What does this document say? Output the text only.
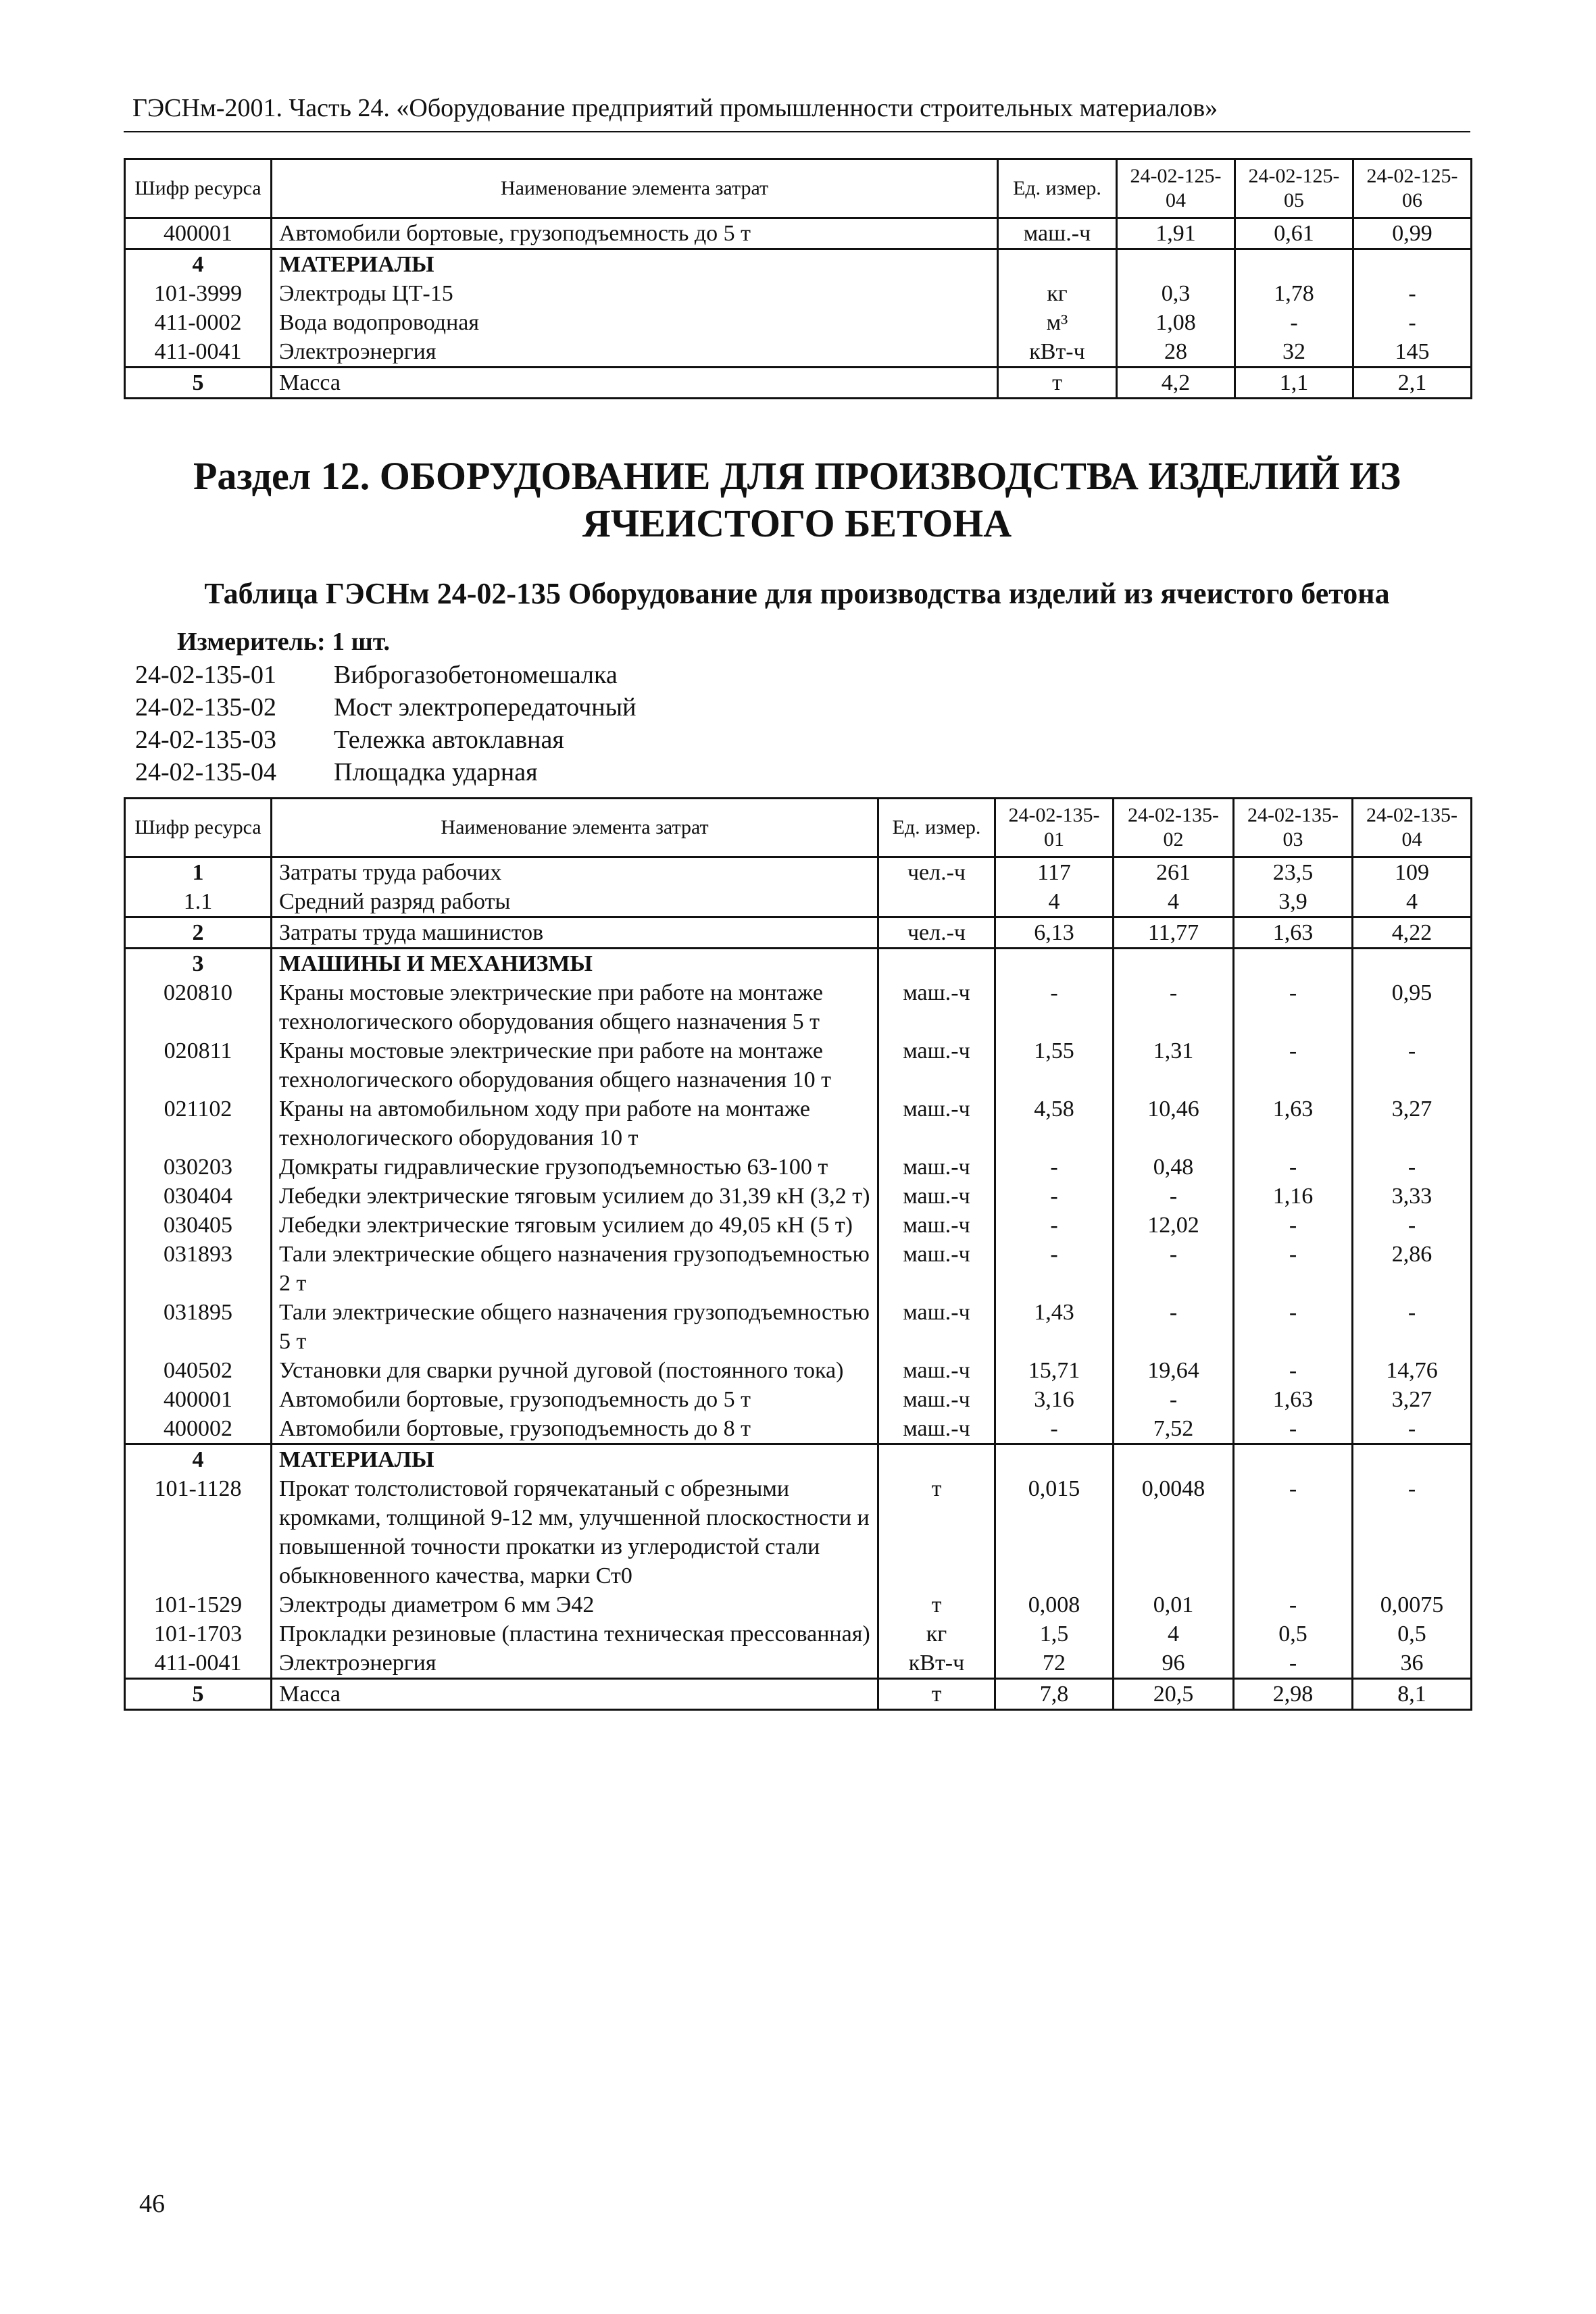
ГЭСНм-2001. Часть 24. «Оборудование предприятий промышленности строительных материалов»
Шифр ресурса	Наименование элемента затрат	Ед. измер.	24-02-125-04	24-02-125-05	24-02-125-06
400001	Автомобили бортовые, грузоподъемность до 5 т	маш.-ч	1,91	0,61	0,99
4	МАТЕРИАЛЫ				
101-3999	Электроды ЦТ-15	кг	0,3	1,78	-
411-0002	Вода водопроводная	м³	1,08	-	-
411-0041	Электроэнергия	кВт-ч	28	32	145
5	Масса	т	4,2	1,1	2,1
Раздел 12. ОБОРУДОВАНИЕ ДЛЯ ПРОИЗВОДСТВА ИЗДЕЛИЙ ИЗ ЯЧЕИСТОГО БЕТОНА
Таблица ГЭСНм 24-02-135 Оборудование для производства изделий из ячеистого бетона
Измеритель: 1 шт.
24-02-135-01	Виброгазобетономешалка
24-02-135-02	Мост электропередаточный
24-02-135-03	Тележка автоклавная
24-02-135-04	Площадка ударная
Шифр ресурса	Наименование элемента затрат	Ед. измер.	24-02-135-01	24-02-135-02	24-02-135-03	24-02-135-04
1	Затраты труда рабочих	чел.-ч	117	261	23,5	109
1.1	Средний разряд работы		4	4	3,9	4
2	Затраты труда машинистов	чел.-ч	6,13	11,77	1,63	4,22
3	МАШИНЫ И МЕХАНИЗМЫ					
020810	Краны мостовые электрические при работе на монтаже технологического оборудования общего назначения 5 т	маш.-ч	-	-	-	0,95
020811	Краны мостовые электрические при работе на монтаже технологического оборудования общего назначения 10 т	маш.-ч	1,55	1,31	-	-
021102	Краны на автомобильном ходу при работе на монтаже технологического оборудования 10 т	маш.-ч	4,58	10,46	1,63	3,27
030203	Домкраты гидравлические грузоподъемностью 63-100 т	маш.-ч	-	0,48	-	-
030404	Лебедки электрические тяговым усилием до 31,39 кН (3,2 т)	маш.-ч	-	-	1,16	3,33
030405	Лебедки электрические тяговым усилием до 49,05 кН (5 т)	маш.-ч	-	12,02	-	-
031893	Тали электрические общего назначения грузоподъемностью 2 т	маш.-ч	-	-	-	2,86
031895	Тали электрические общего назначения грузоподъемностью 5 т	маш.-ч	1,43	-	-	-
040502	Установки для сварки ручной дуговой (постоянного тока)	маш.-ч	15,71	19,64	-	14,76
400001	Автомобили бортовые, грузоподъемность до 5 т	маш.-ч	3,16	-	1,63	3,27
400002	Автомобили бортовые, грузоподъемность до 8 т	маш.-ч	-	7,52	-	-
4	МАТЕРИАЛЫ					
101-1128	Прокат толстолистовой горячекатаный с обрезными кромками, толщиной 9-12 мм, улучшенной плоскостности и повышенной точности прокатки из углеродистой стали обыкновенного качества, марки Ст0	т	0,015	0,0048	-	-
101-1529	Электроды диаметром 6 мм Э42	т	0,008	0,01	-	0,0075
101-1703	Прокладки резиновые (пластина техническая прессованная)	кг	1,5	4	0,5	0,5
411-0041	Электроэнергия	кВт-ч	72	96	-	36
5	Масса	т	7,8	20,5	2,98	8,1
46
